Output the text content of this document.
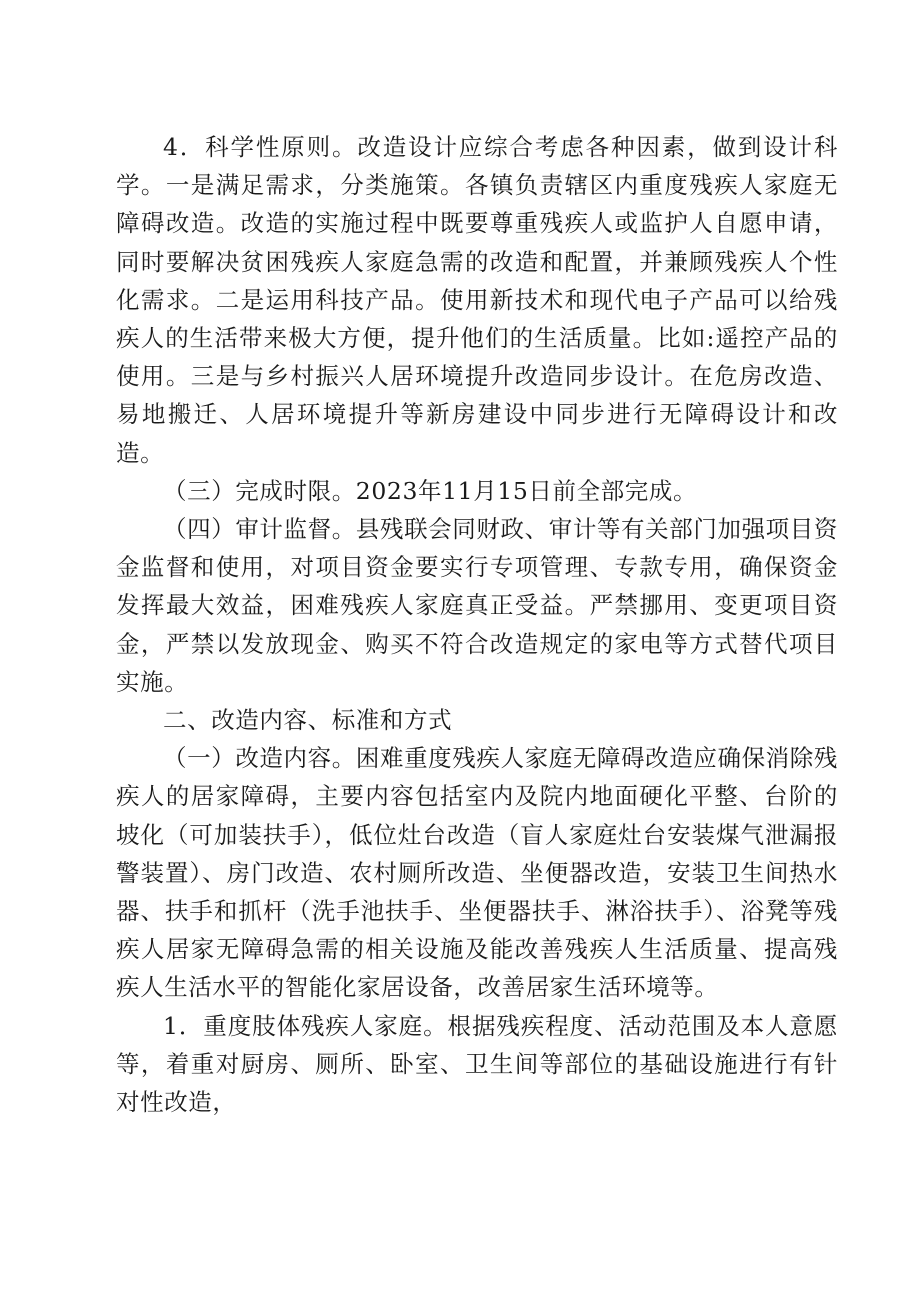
4．科学性原则。改造设计应综合考虑各种因素，做到设计科学。一是满足需求，分类施策。各镇负责辖区内重度残疾人家庭无障碍改造。改造的实施过程中既要尊重残疾人或监护人自愿申请，同时要解决贫困残疾人家庭急需的改造和配置，并兼顾残疾人个性化需求。二是运用科技产品。使用新技术和现代电子产品可以给残疾人的生活带来极大方便，提升他们的生活质量。比如:遥控产品的使用。三是与乡村振兴人居环境提升改造同步设计。在危房改造、易地搬迁、人居环境提升等新房建设中同步进行无障碍设计和改造。

（三）完成时限。2023年11月15日前全部完成。

（四）审计监督。县残联会同财政、审计等有关部门加强项目资金监督和使用，对项目资金要实行专项管理、专款专用，确保资金发挥最大效益，困难残疾人家庭真正受益。严禁挪用、变更项目资金，严禁以发放现金、购买不符合改造规定的家电等方式替代项目实施。

二、改造内容、标准和方式

（一）改造内容。困难重度残疾人家庭无障碍改造应确保消除残疾人的居家障碍，主要内容包括室内及院内地面硬化平整、台阶的坡化（可加装扶手），低位灶台改造（盲人家庭灶台安装煤气泄漏报警装置）、房门改造、农村厕所改造、坐便器改造，安装卫生间热水器、扶手和抓杆（洗手池扶手、坐便器扶手、淋浴扶手）、浴凳等残疾人居家无障碍急需的相关设施及能改善残疾人生活质量、提高残疾人生活水平的智能化家居设备，改善居家生活环境等。

1．重度肢体残疾人家庭。根据残疾程度、活动范围及本人意愿等，着重对厨房、厕所、卧室、卫生间等部位的基础设施进行有针对性改造，
